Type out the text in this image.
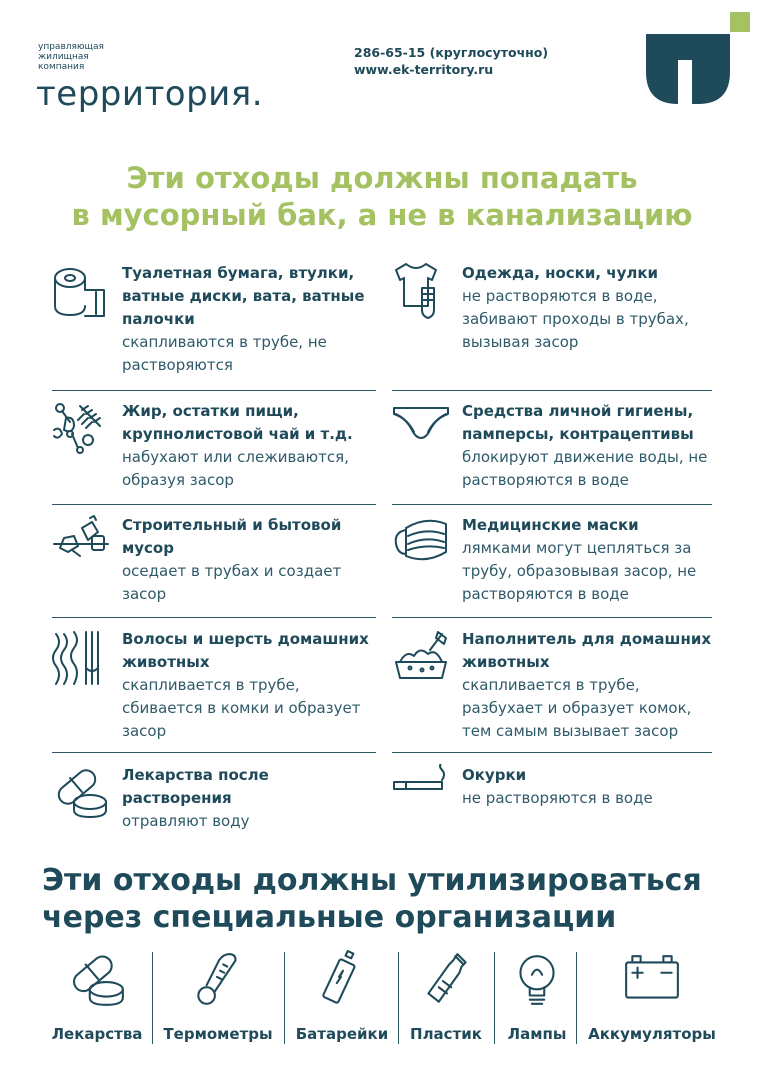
управляющая
жилищная
компания
территория.
286-65-15 (круглосуточно)
www.ek-territory.ru
Эти отходы должны попадать
в мусорный бак, а не в канализацию
Туалетная бумага, втулки, ватные диски, вата, ватные палочки
скапливаются в трубе, не растворяются
Жир, остатки пищи, крупнолистовой чай и т.д.
набухают или слеживаются, образуя засор
Строительный и бытовой мусор
оседает в трубах и создает засор
Волосы и шерсть домашних животных
скапливается в трубе, сбивается в комки и образует засор
Лекарства после растворения
отравляют воду
Одежда, носки, чулки
не растворяются в воде, забивают проходы в трубах, вызывая засор
Средства личной гигиены, памперсы, контрацептивы
блокируют движение воды, не растворяются в воде
Медицинские маски
лямками могут цепляться за трубу, образовывая засор, не растворяются в воде
Наполнитель для домашних животных
скапливается в трубе, разбухает и образует комок, тем самым вызывает засор
Окурки
не растворяются в воде
Эти отходы должны утилизироваться
через специальные организации
Лекарства	Термометры	Батарейки	Пластик	Лампы	Аккумуляторы
